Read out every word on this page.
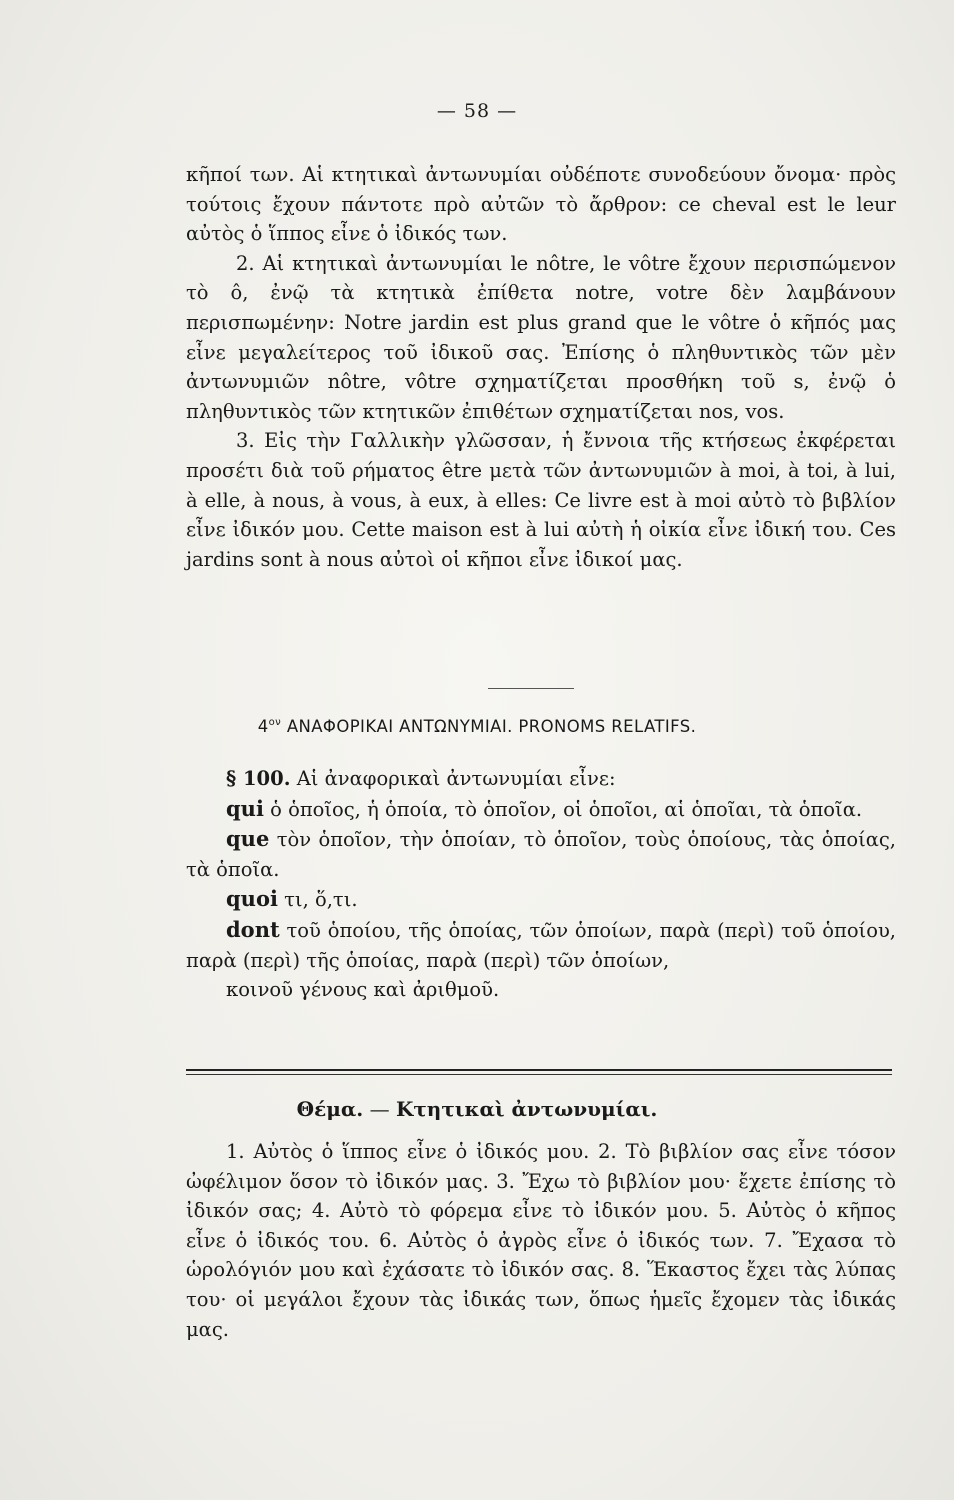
— 58 —

κῆποί των. Αἱ κτητικαὶ ἀντωνυμίαι οὐδέποτε συνοδεύουν ὄνομα· πρὸς τούτοις ἔχουν πάντοτε πρὸ αὐτῶν τὸ ἄρθρον: ce cheval est le leur αὐτὸς ὁ ἵππος εἶνε ὁ ἰδικός των.

2. Αἱ κτητικαὶ ἀντωνυμίαι le nôtre, le vôtre ἔχουν περισπώμενον τὸ ô, ἐνῷ τὰ κτητικὰ ἐπίθετα notre, votre δὲν λαμβάνουν περισπωμένην: Notre jardin est plus grand que le vôtre ὁ κῆπός μας εἶνε μεγαλείτερος τοῦ ἰδικοῦ σας. Ἐπίσης ὁ πληθυντικὸς τῶν μὲν ἀντωνυμιῶν nôtre, vôtre σχηματίζεται προσθήκη τοῦ s, ἐνῷ ὁ πληθυντικὸς τῶν κτητικῶν ἐπιθέτων σχηματίζεται nos, vos.

3. Εἰς τὴν Γαλλικὴν γλῶσσαν, ἡ ἔννοια τῆς κτήσεως ἐκφέρεται προσέτι διὰ τοῦ ρήματος être μετὰ τῶν ἀντωνυμιῶν à moi, à toi, à lui, à elle, à nous, à vous, à eux, à elles: Ce livre est à moi αὐτὸ τὸ βιβλίον εἶνε ἰδικόν μου. Cette maison est à lui αὐτὴ ἡ οἰκία εἶνε ἰδική του. Ces jardins sont à nous αὐτοὶ οἱ κῆποι εἶνε ἰδικοί μας.

$4^{o\nu}$ ΑΝΑΦΟΡΙΚΑΙ ΑΝΤΩΝΥΜΙΑΙ. PRONOMS RELATIFS.

§ 100. Αἱ ἀναφορικαὶ ἀντωνυμίαι εἶνε:

qui ὁ ὁποῖος, ἡ ὁποία, τὸ ὁποῖον, οἱ ὁποῖοι, αἱ ὁποῖαι, τὰ ὁποῖα.

que τὸν ὁποῖον, τὴν ὁποίαν, τὸ ὁποῖον, τοὺς ὁποίους, τὰς ὁποίας, τὰ ὁποῖα.

quoi τι, ὅ,τι.

dont τοῦ ὁποίου, τῆς ὁποίας, τῶν ὁποίων, παρὰ (περὶ) τοῦ ὁποίου, παρὰ (περὶ) τῆς ὁποίας, παρὰ (περὶ) τῶν ὁποίων,

κοινοῦ γένους καὶ ἀριθμοῦ.

Θέμα. — Κτητικαὶ ἀντωνυμίαι.

1. Αὐτὸς ὁ ἵππος εἶνε ὁ ἰδικός μου. 2. Τὸ βιβλίον σας εἶνε τόσον ὠφέλιμον ὅσον τὸ ἰδικόν μας. 3. Ἔχω τὸ βιβλίον μου· ἔχετε ἐπίσης τὸ ἰδικόν σας; 4. Αὐτὸ τὸ φόρεμα εἶνε τὸ ἰδικόν μου. 5. Αὐτὸς ὁ κῆπος εἶνε ὁ ἰδικός του. 6. Αὐτὸς ὁ ἀγρὸς εἶνε ὁ ἰδικός των. 7. Ἔχασα τὸ ὡρολόγιόν μου καὶ ἐχάσατε τὸ ἰδικόν σας. 8. Ἕκαστος ἔχει τὰς λύπας του· οἱ μεγάλοι ἔχουν τὰς ἰδικάς των, ὅπως ἡμεῖς ἔχομεν τὰς ἰδικάς μας.
